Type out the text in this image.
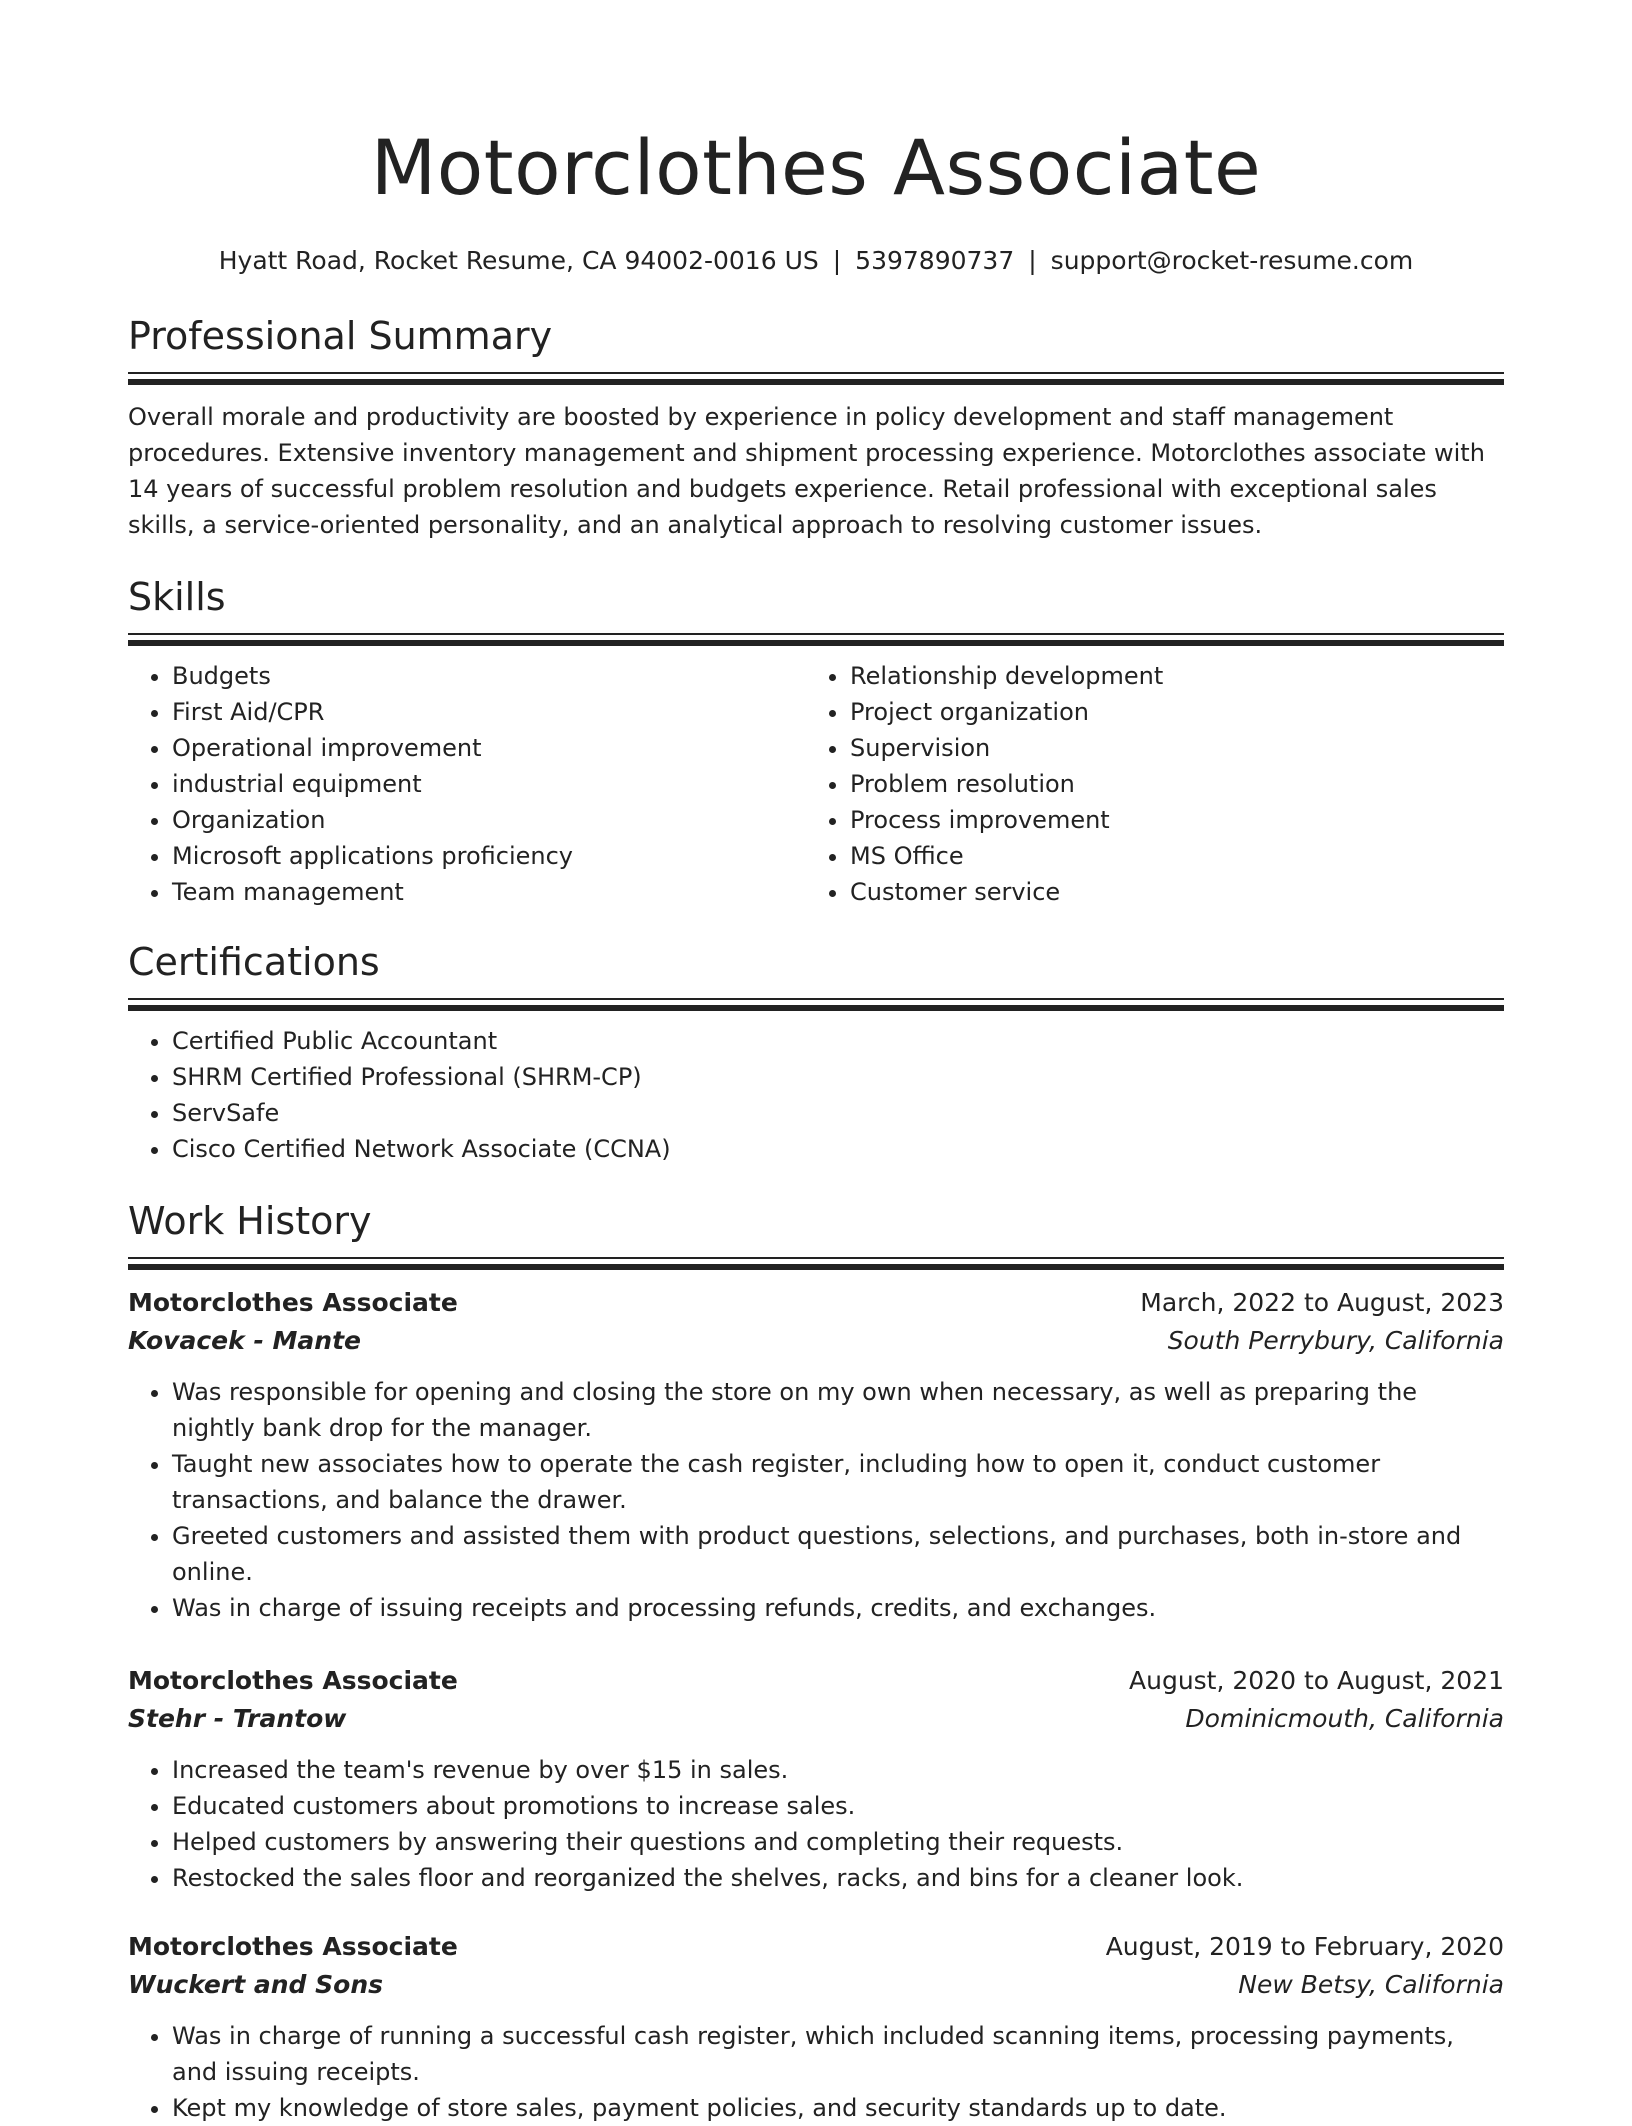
Motorclothes Associate
Hyatt Road, Rocket Resume, CA 94002-0016 US | 5397890737 | support@rocket-resume.com
Professional Summary
Overall morale and productivity are boosted by experience in policy development and staff management procedures. Extensive inventory management and shipment processing experience. Motorclothes associate with 14 years of successful problem resolution and budgets experience. Retail professional with exceptional sales skills, a service-oriented personality, and an analytical approach to resolving customer issues.
Skills
• Budgets
• First Aid/CPR
• Operational improvement
• industrial equipment
• Organization
• Microsoft applications proficiency
• Team management
• Relationship development
• Project organization
• Supervision
• Problem resolution
• Process improvement
• MS Office
• Customer service
Certifications
• Certified Public Accountant
• SHRM Certified Professional (SHRM-CP)
• ServSafe
• Cisco Certified Network Associate (CCNA)
Work History
Motorclothes Associate	March, 2022 to August, 2023
Kovacek - Mante	South Perrybury, California
• Was responsible for opening and closing the store on my own when necessary, as well as preparing the nightly bank drop for the manager.
• Taught new associates how to operate the cash register, including how to open it, conduct customer transactions, and balance the drawer.
• Greeted customers and assisted them with product questions, selections, and purchases, both in-store and online.
• Was in charge of issuing receipts and processing refunds, credits, and exchanges.
Motorclothes Associate	August, 2020 to August, 2021
Stehr - Trantow	Dominicmouth, California
• Increased the team's revenue by over $15 in sales.
• Educated customers about promotions to increase sales.
• Helped customers by answering their questions and completing their requests.
• Restocked the sales floor and reorganized the shelves, racks, and bins for a cleaner look.
Motorclothes Associate	August, 2019 to February, 2020
Wuckert and Sons	New Betsy, California
• Was in charge of running a successful cash register, which included scanning items, processing payments, and issuing receipts.
• Kept my knowledge of store sales, payment policies, and security standards up to date.
